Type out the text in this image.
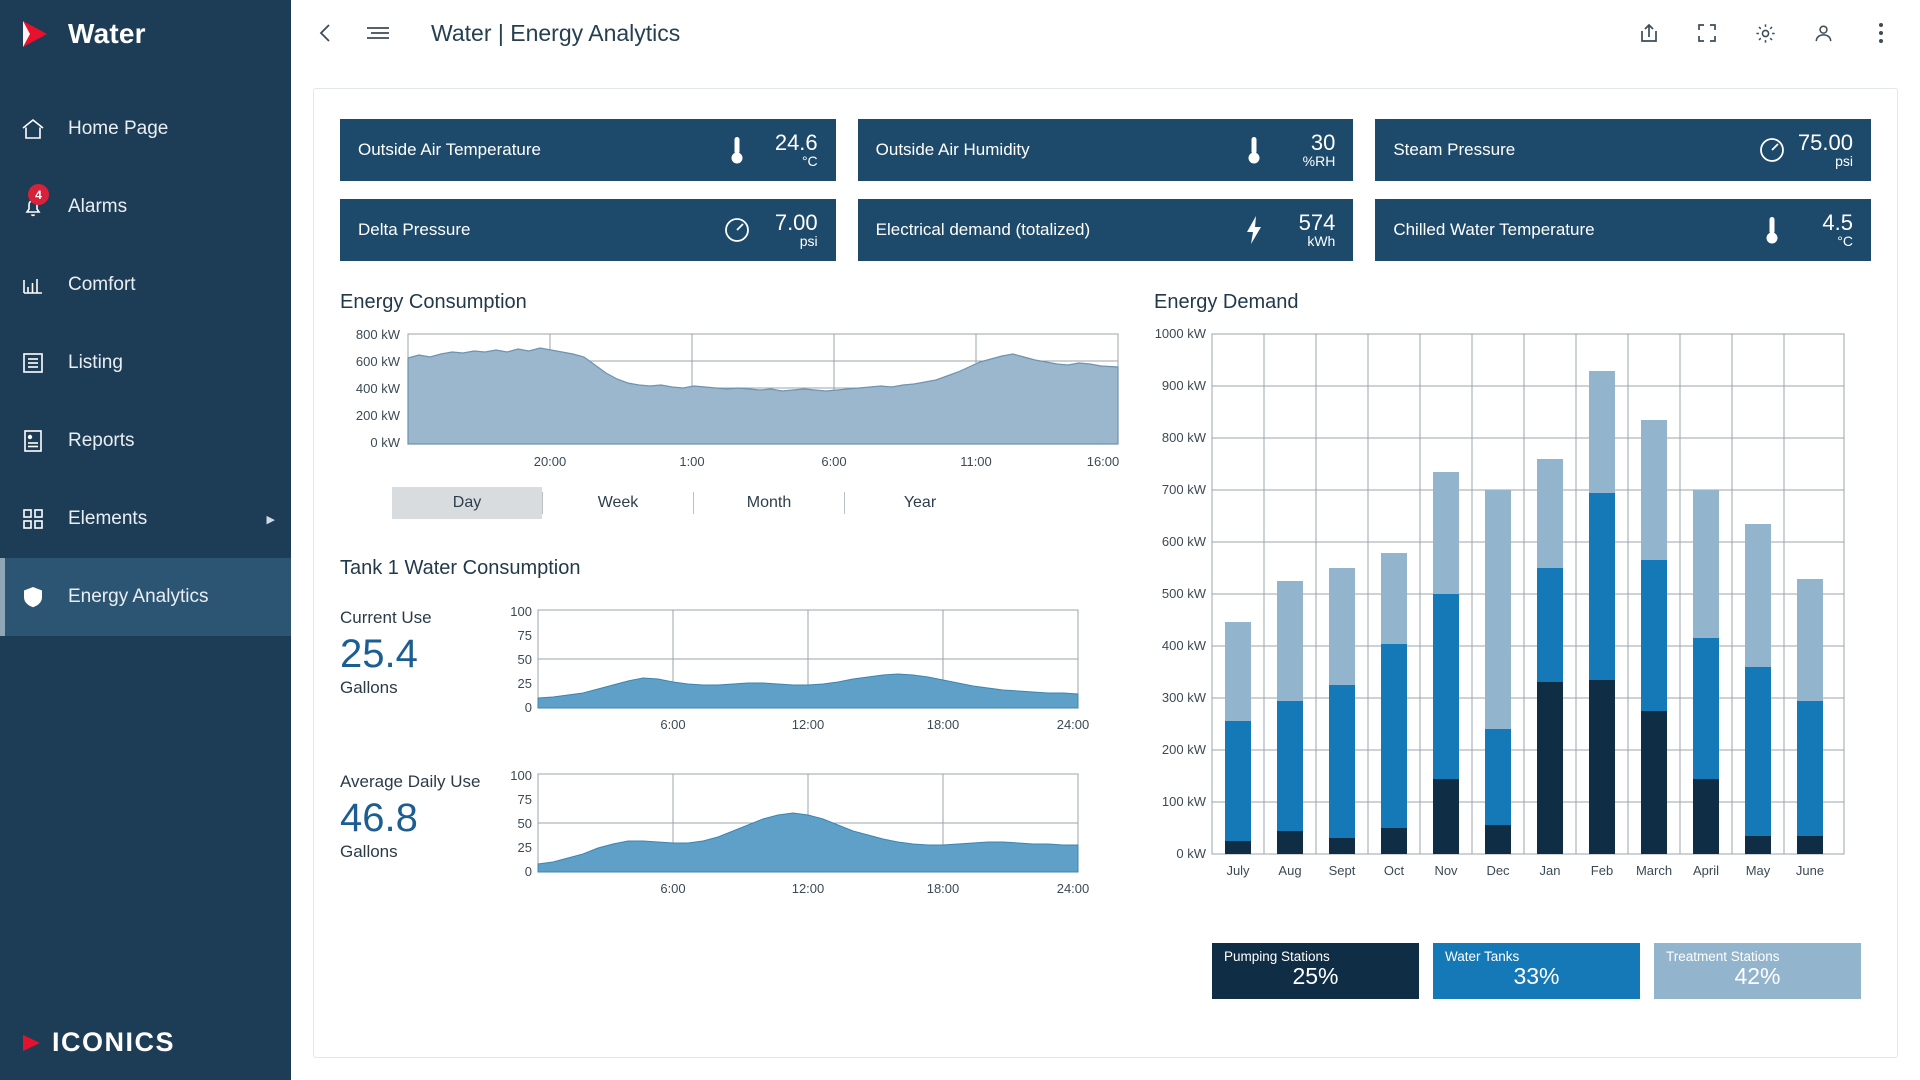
Water
Home Page
4
Alarms
Comfort
Listing
Reports
Elements	▶
Energy Analytics
ICONICS
Water | Energy Analytics
Outside Air Temperature	24.6
°C
Outside Air Humidity	30
%RH
Steam Pressure	75.00
psi
Delta Pressure	7.00
psi
Electrical demand (totalized)	574
kWh
Chilled Water Temperature	4.5
°C
Energy Consumption
800 kW
600 kW
400 kW
200 kW
0 kW
20:00	1:00	6:00	11:00	16:00
Day	Week	Month	Year
Tank 1 Water Consumption
Current Use
25.4
Gallons
100
75
50
25
0
6:00	12:00	18:00	24:00
Average Daily Use
46.8
Gallons
100
75
50
25
0
6:00	12:00	18:00	24:00
Energy Demand
1000 kW
900 kW
800 kW
700 kW
600 kW
500 kW
400 kW
300 kW
200 kW
100 kW
0 kW
July Aug Sept Oct Nov Dec Jan Feb March April May June
Pumping Stations
25%
Water Tanks
33%
Treatment Stations
42%
